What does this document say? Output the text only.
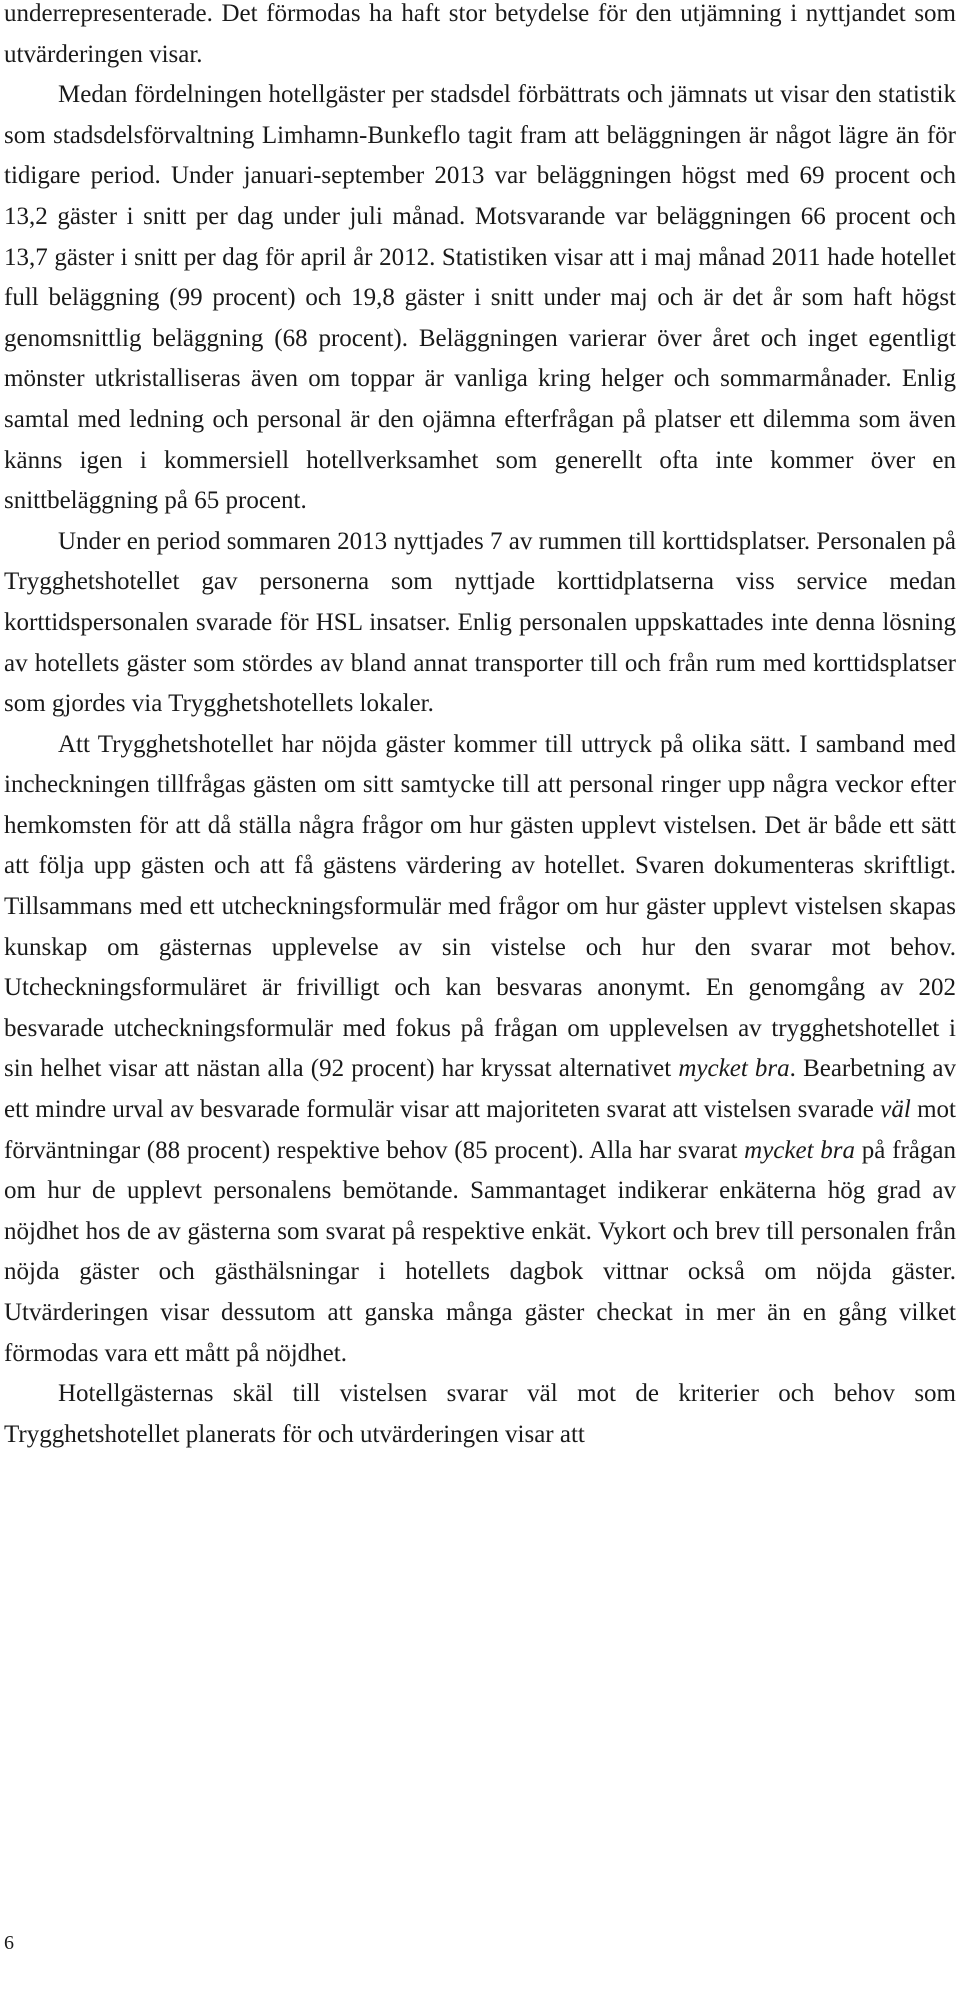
underrepresenterade. Det förmodas ha haft stor betydelse för den utjämning i nyttjandet som utvärderingen visar.

Medan fördelningen hotellgäster per stadsdel förbättrats och jämnats ut visar den statistik som stadsdelsförvaltning Limhamn-Bunkeflo tagit fram att beläggningen är något lägre än för tidigare period. Under januari-september 2013 var beläggningen högst med 69 procent och 13,2 gäster i snitt per dag under juli månad. Motsvarande var beläggningen 66 procent och 13,7 gäster i snitt per dag för april år 2012. Statistiken visar att i maj månad 2011 hade hotellet full beläggning (99 procent) och 19,8 gäster i snitt under maj och är det år som haft högst genomsnittlig beläggning (68 procent). Beläggningen varierar över året och inget egentligt mönster utkristalliseras även om toppar är vanliga kring helger och sommarmånader. Enlig samtal med ledning och personal är den ojämna efterfrågan på platser ett dilemma som även känns igen i kommersiell hotellverksamhet som generellt ofta inte kommer över en snittbeläggning på 65 procent.

Under en period sommaren 2013 nyttjades 7 av rummen till korttidsplatser. Personalen på Trygghetshotellet gav personerna som nyttjade korttidplatserna viss service medan korttidspersonalen svarade för HSL insatser. Enlig personalen uppskattades inte denna lösning av hotellets gäster som stördes av bland annat transporter till och från rum med korttidsplatser som gjordes via Trygghetshotellets lokaler.

Att Trygghetshotellet har nöjda gäster kommer till uttryck på olika sätt. I samband med incheckningen tillfrågas gästen om sitt samtycke till att personal ringer upp några veckor efter hemkomsten för att då ställa några frågor om hur gästen upplevt vistelsen. Det är både ett sätt att följa upp gästen och att få gästens värdering av hotellet. Svaren dokumenteras skriftligt. Tillsammans med ett utcheckningsformulär med frågor om hur gäster upplevt vistelsen skapas kunskap om gästernas upplevelse av sin vistelse och hur den svarar mot behov. Utcheckningsformuläret är frivilligt och kan besvaras anonymt. En genomgång av 202 besvarade utcheckningsformulär med fokus på frågan om upplevelsen av trygghetshotellet i sin helhet visar att nästan alla (92 procent) har kryssat alternativet mycket bra. Bearbetning av ett mindre urval av besvarade formulär visar att majoriteten svarat att vistelsen svarade väl mot förväntningar (88 procent) respektive behov (85 procent). Alla har svarat mycket bra på frågan om hur de upplevt personalens bemötande. Sammantaget indikerar enkäterna hög grad av nöjdhet hos de av gästerna som svarat på respektive enkät. Vykort och brev till personalen från nöjda gäster och gästhälsningar i hotellets dagbok vittnar också om nöjda gäster. Utvärderingen visar dessutom att ganska många gäster checkat in mer än en gång vilket förmodas vara ett mått på nöjdhet.

Hotellgästernas skäl till vistelsen svarar väl mot de kriterier och behov som Trygghetshotellet planerats för och utvärderingen visar att

6
